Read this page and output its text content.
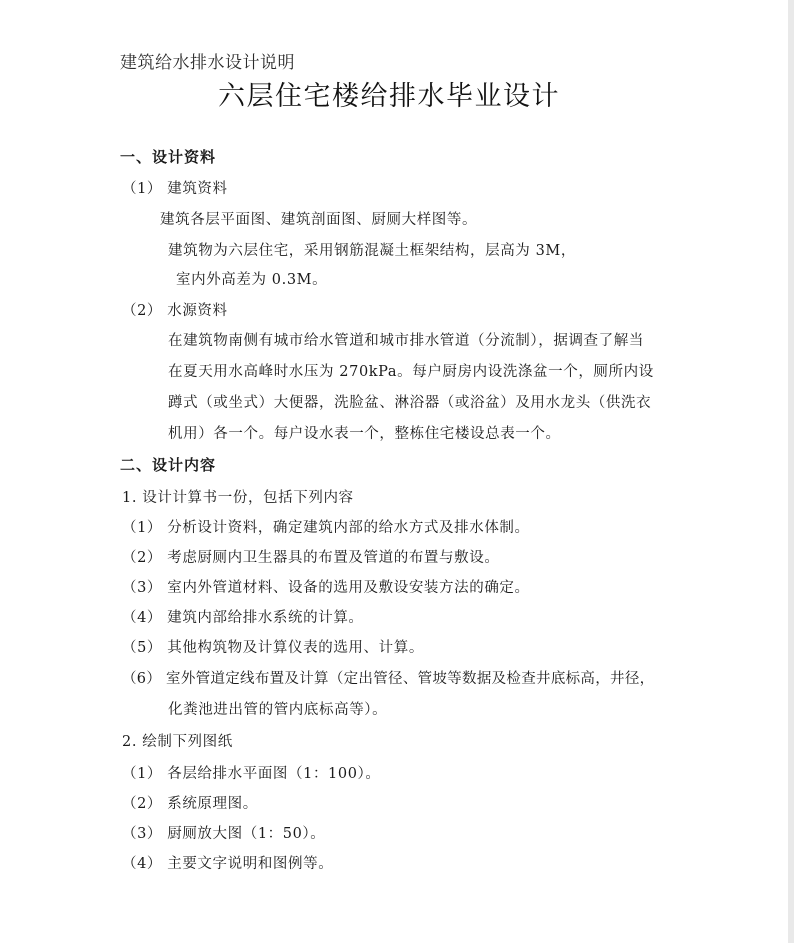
建筑给水排水设计说明
六层住宅楼给排水毕业设计
一、设计资料
（1） 建筑资料
建筑各层平面图、建筑剖面图、厨厕大样图等。
建筑物为六层住宅，采用钢筋混凝土框架结构，层高为 3M，
室内外高差为 0.3M。
（2） 水源资料
在建筑物南侧有城市给水管道和城市排水管道（分流制），据调查了解当
在夏天用水高峰时水压为 270kPa。每户厨房内设洗涤盆一个，厕所内设
蹲式（或坐式）大便器，洗脸盆、淋浴器（或浴盆）及用水龙头（供洗衣
机用）各一个。每户设水表一个，整栋住宅楼设总表一个。
二、设计内容
1. 设计计算书一份，包括下列内容
（1） 分析设计资料，确定建筑内部的给水方式及排水体制。
（2） 考虑厨厕内卫生器具的布置及管道的布置与敷设。
（3） 室内外管道材料、设备的选用及敷设安装方法的确定。
（4） 建筑内部给排水系统的计算。
（5） 其他构筑物及计算仪表的选用、计算。
（6） 室外管道定线布置及计算（定出管径、管坡等数据及检查井底标高，井径，
化粪池进出管的管内底标高等）。
2. 绘制下列图纸
（1） 各层给排水平面图（1：100）。
（2） 系统原理图。
（3） 厨厕放大图（1：50）。
（4） 主要文字说明和图例等。
